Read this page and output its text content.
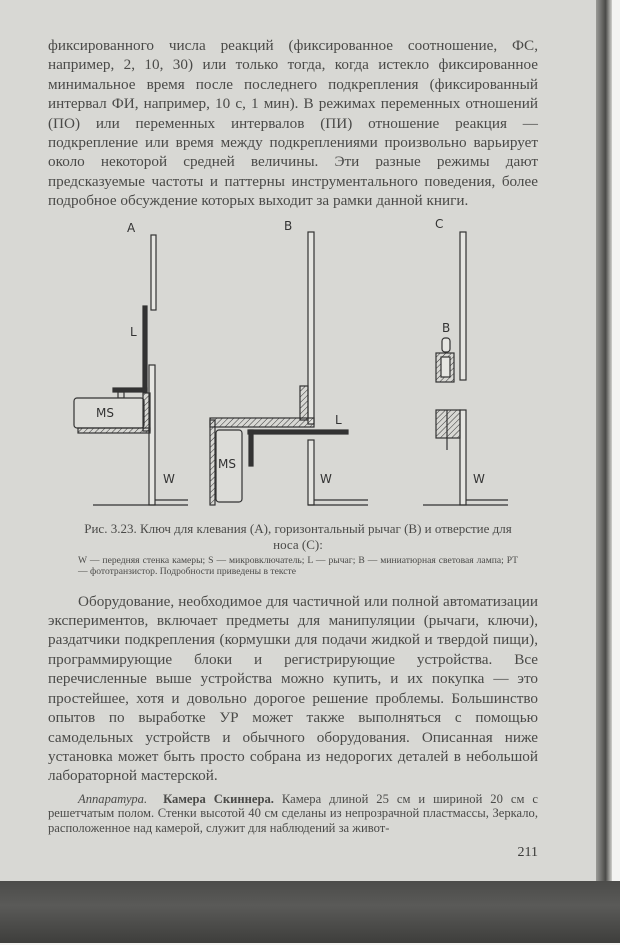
фиксированного числа реакций (фиксированное соотношение, ФС, например, 2, 10, 30) или только тогда, когда истекло фиксированное минимальное время после последнего подкрепления (фиксированный интервал ФИ, например, 10 с, 1 мин). В режимах переменных отношений (ПО) или переменных интервалов (ПИ) отношение реакция — подкрепление или время между подкреплениями произвольно варьирует около некоторой средней величины. Эти разные режимы дают предсказуемые частоты и паттерны инструментального поведения, более подробное обсуждение которых выходит за рамки данной книги.

A	B	C
L
MS
W
L
MS
W
B
W
Рис. 3.23. Ключ для клевания (A), горизонтальный рычаг (B) и отверстие для носа (C):
W — передняя стенка камеры; S — микровключатель; L — рычаг; B — миниатюрная световая лампа; PT — фототранзистор. Подробности приведены в тексте

Оборудование, необходимое для частичной или полной автоматизации экспериментов, включает предметы для манипуляции (рычаги, ключи), раздатчики подкрепления (кормушки для подачи жидкой и твердой пищи), программирующие блоки и регистрирующие устройства. Все перечисленные выше устройства можно купить, и их покупка — это простейшее, хотя и довольно дорогое решение проблемы. Большинство опытов по выработке УР может также выполняться с помощью самодельных устройств и обычного оборудования. Описанная ниже установка может быть просто собрана из недорогих деталей в небольшой лабораторной мастерской.

Аппаратура. Камера Скиннера. Камера длиной 25 см и шириной 20 см с решетчатым полом. Стенки высотой 40 см сделаны из непрозрачной пластмассы, Зеркало, расположенное над камерой, служит для наблюдений за живот-

211
